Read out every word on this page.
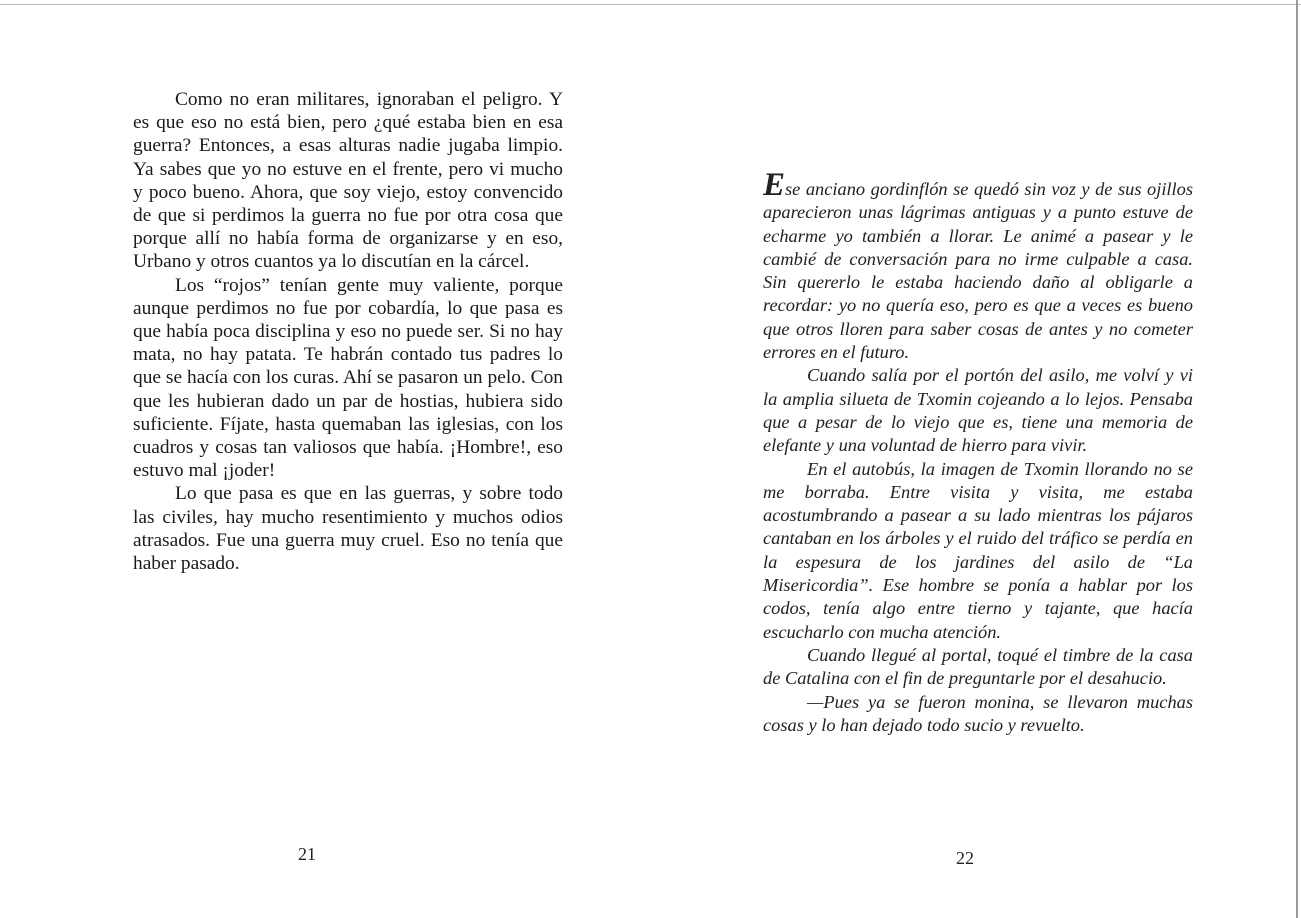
Como no eran militares, ignoraban el peligro. Y es que eso no está bien, pero ¿qué estaba bien en esa guerra? Entonces, a esas alturas nadie jugaba limpio. Ya sabes que yo no estuve en el frente, pero vi mucho y poco bueno. Ahora, que soy viejo, estoy convencido de que si perdimos la guerra no fue por otra cosa que porque allí no había forma de organizarse y en eso, Urbano y otros cuantos ya lo discutían en la cárcel.

Los “rojos” tenían gente muy valiente, porque aunque perdimos no fue por cobardía, lo que pasa es que había poca disciplina y eso no puede ser. Si no hay mata, no hay patata. Te habrán contado tus padres lo que se hacía con los curas. Ahí se pasaron un pelo. Con que les hubieran dado un par de hostias, hubiera sido suficiente. Fíjate, hasta quemaban las iglesias, con los cuadros y cosas tan valiosos que había. ¡Hombre!, eso estuvo mal ¡joder!

Lo que pasa es que en las guerras, y sobre todo las civiles, hay mucho resentimiento y muchos odios atrasados. Fue una guerra muy cruel. Eso no tenía que haber pasado.

Ese anciano gordinflón se quedó sin voz y de sus ojillos aparecieron unas lágrimas antiguas y a punto estuve de echarme yo también a llorar. Le animé a pasear y le cambié de conversación para no irme culpable a casa. Sin quererlo le estaba haciendo daño al obligarle a recordar: yo no quería eso, pero es que a veces es bueno que otros lloren para saber cosas de antes y no cometer errores en el futuro.

Cuando salía por el portón del asilo, me volví y vi la amplia silueta de Txomin cojeando a lo lejos. Pensaba que a pesar de lo viejo que es, tiene una memoria de elefante y una voluntad de hierro para vivir.

En el autobús, la imagen de Txomin llorando no se me borraba. Entre visita y visita, me estaba acostumbrando a pasear a su lado mientras los pájaros cantaban en los árboles y el ruido del tráfico se perdía en la espesura de los jardines del asilo de “La Misericordia”. Ese hombre se ponía a hablar por los codos, tenía algo entre tierno y tajante, que hacía escucharlo con mucha atención.

Cuando llegué al portal, toqué el timbre de la casa de Catalina con el fin de preguntarle por el desahucio.

—Pues ya se fueron monina, se llevaron muchas cosas y lo han dejado todo sucio y revuelto.

21	22
